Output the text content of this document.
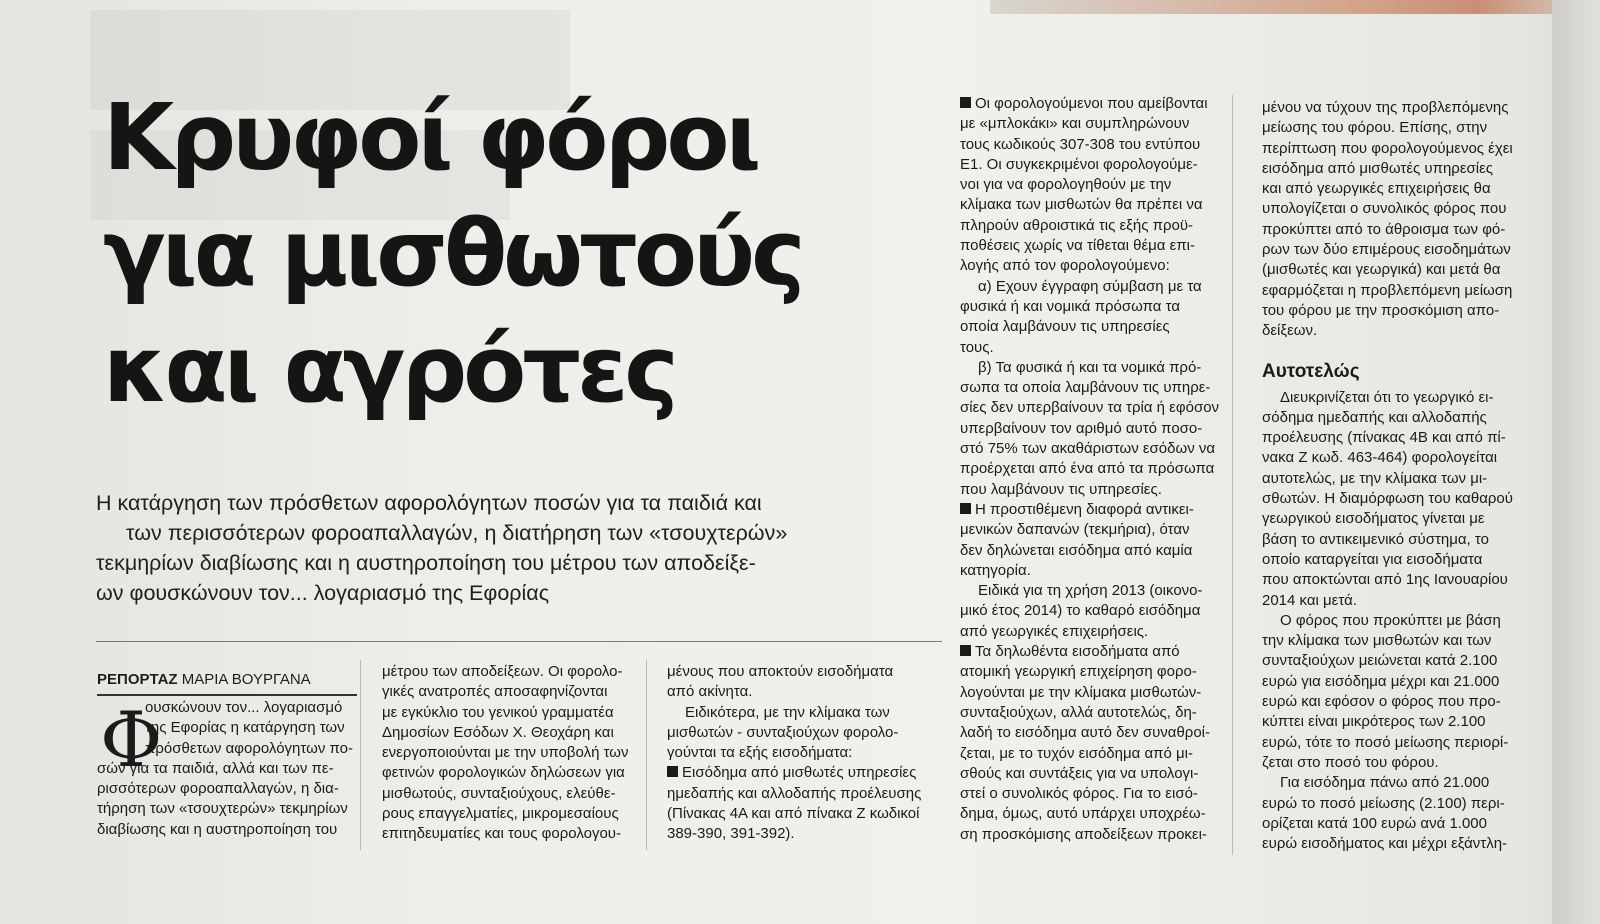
Κρυφοί φόροι
για μισθωτούς
και αγρότες
Η κατάργηση των πρόσθετων αφορολόγητων ποσών για τα παιδιά και
των περισσότερων φοροαπαλλαγών, η διατήρηση των «τσουχτερών»
τεκμηρίων διαβίωσης και η αυστηροποίηση του μέτρου των αποδείξε-
ων φουσκώνουν τον... λογαριασμό της Εφορίας
ΡΕΠΟΡΤΑΖ ΜΑΡΙΑ ΒΟΥΡΓΑΝΑ
Φ
ουσκώνουν τον... λογαριασμό
της Εφορίας η κατάργηση των
πρόσθετων αφορολόγητων πο-
σών για τα παιδιά, αλλά και των πε-
ρισσότερων φοροαπαλλαγών, η δια-
τήρηση των «τσουχτερών» τεκμηρίων
διαβίωσης και η αυστηροποίηση του
μέτρου των αποδείξεων. Οι φορολο-
γικές ανατροπές αποσαφηνίζονται
με εγκύκλιο του γενικού γραμματέα
Δημοσίων Εσόδων Χ. Θεοχάρη και
ενεργοποιούνται με την υποβολή των
φετινών φορολογικών δηλώσεων για
μισθωτούς, συνταξιούχους, ελεύθε-
ρους επαγγελματίες, μικρομεσαίους
επιτηδευματίες και τους φορολογου-
μένους που αποκτούν εισοδήματα
από ακίνητα.
Ειδικότερα, με την κλίμακα των
μισθωτών - συνταξιούχων φορολο-
γούνται τα εξής εισοδήματα:
Εισόδημα από μισθωτές υπηρεσίες
ημεδαπής και αλλοδαπής προέλευσης
(Πίνακας 4Α και από πίνακα Ζ κωδικοί
389-390, 391-392).
Οι φορολογούμενοι που αμείβονται
με «μπλοκάκι» και συμπληρώνουν
τους κωδικούς 307-308 του εντύπου
Ε1. Οι συγκεκριμένοι φορολογούμε-
νοι για να φορολογηθούν με την
κλίμακα των μισθωτών θα πρέπει να
πληρούν αθροιστικά τις εξής προϋ-
ποθέσεις χωρίς να τίθεται θέμα επι-
λογής από τον φορολογούμενο:
α) Εχουν έγγραφη σύμβαση με τα
φυσικά ή και νομικά πρόσωπα τα
οποία λαμβάνουν τις υπηρεσίες
τους.
β) Τα φυσικά ή και τα νομικά πρό-
σωπα τα οποία λαμβάνουν τις υπηρε-
σίες δεν υπερβαίνουν τα τρία ή εφόσον
υπερβαίνουν τον αριθμό αυτό ποσο-
στό 75% των ακαθάριστων εσόδων να
προέρχεται από ένα από τα πρόσωπα
που λαμβάνουν τις υπηρεσίες.
Η προστιθέμενη διαφορά αντικει-
μενικών δαπανών (τεκμήρια), όταν
δεν δηλώνεται εισόδημα από καμία
κατηγορία.
Ειδικά για τη χρήση 2013 (οικονο-
μικό έτος 2014) το καθαρό εισόδημα
από γεωργικές επιχειρήσεις.
Τα δηλωθέντα εισοδήματα από
ατομική γεωργική επιχείρηση φορο-
λογούνται με την κλίμακα μισθωτών-
συνταξιούχων, αλλά αυτοτελώς, δη-
λαδή το εισόδημα αυτό δεν συναθροί-
ζεται, με το τυχόν εισόδημα από μι-
σθούς και συντάξεις για να υπολογι-
στεί ο συνολικός φόρος. Για το εισό-
δημα, όμως, αυτό υπάρχει υποχρέω-
ση προσκόμισης αποδείξεων προκει-
μένου να τύχουν της προβλεπόμενης
μείωσης του φόρου. Επίσης, στην
περίπτωση που φορολογούμενος έχει
εισόδημα από μισθωτές υπηρεσίες
και από γεωργικές επιχειρήσεις θα
υπολογίζεται ο συνολικός φόρος που
προκύπτει από το άθροισμα των φό-
ρων των δύο επιμέρους εισοδημάτων
(μισθωτές και γεωργικά) και μετά θα
εφαρμόζεται η προβλεπόμενη μείωση
του φόρου με την προσκόμιση απο-
δείξεων.
Αυτοτελώς
Διευκρινίζεται ότι το γεωργικό ει-
σόδημα ημεδαπής και αλλοδαπής
προέλευσης (πίνακας 4Β και από πί-
νακα Ζ κωδ. 463-464) φορολογείται
αυτοτελώς, με την κλίμακα των μι-
σθωτών. Η διαμόρφωση του καθαρού
γεωργικού εισοδήματος γίνεται με
βάση το αντικειμενικό σύστημα, το
οποίο καταργείται για εισοδήματα
που αποκτώνται από 1ης Ιανουαρίου
2014 και μετά.
Ο φόρος που προκύπτει με βάση
την κλίμακα των μισθωτών και των
συνταξιούχων μειώνεται κατά 2.100
ευρώ για εισόδημα μέχρι και 21.000
ευρώ και εφόσον ο φόρος που προ-
κύπτει είναι μικρότερος των 2.100
ευρώ, τότε το ποσό μείωσης περιορί-
ζεται στο ποσό του φόρου.
Για εισόδημα πάνω από 21.000
ευρώ το ποσό μείωσης (2.100) περι-
ορίζεται κατά 100 ευρώ ανά 1.000
ευρώ εισοδήματος και μέχρι εξάντλη-
